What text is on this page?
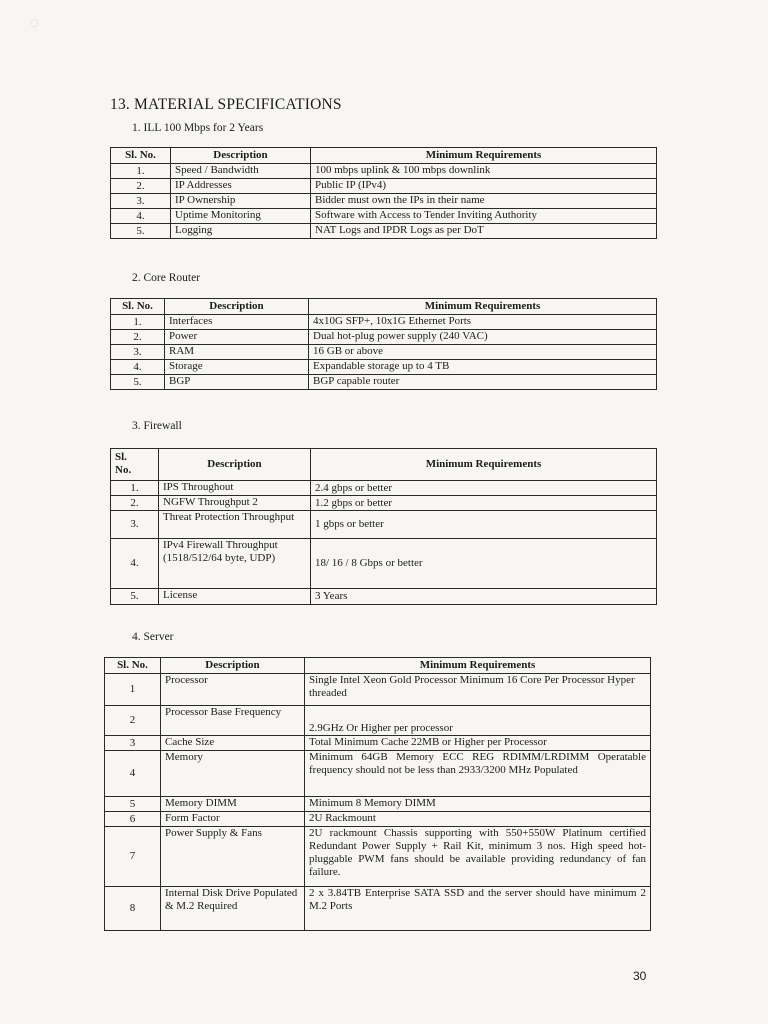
◌
13. MATERIAL SPECIFICATIONS
1. ILL 100 Mbps for 2 Years
Sl. No.	Description	Minimum Requirements
1.	Speed / Bandwidth	100 mbps uplink & 100 mbps downlink
2.	IP Addresses	Public IP (IPv4)
3.	IP Ownership	Bidder must own the IPs in their name
4.	Uptime Monitoring	Software with Access to Tender Inviting Authority
5.	Logging	NAT Logs and IPDR Logs as per DoT
2. Core Router
Sl. No.	Description	Minimum Requirements
1.	Interfaces	4x10G SFP+, 10x1G Ethernet Ports
2.	Power	Dual hot-plug power supply (240 VAC)
3.	RAM	16 GB or above
4.	Storage	Expandable storage up to 4 TB
5.	BGP	BGP capable router
3. Firewall
Sl.
No.	Description	Minimum Requirements
1.	IPS Throughout	2.4 gbps or better
2.	NGFW Throughput 2	1.2 gbps or better
3.	Threat Protection Throughput	1 gbps or better
4.	IPv4 Firewall Throughput (1518/512/64 byte, UDP)	18/ 16 / 8 Gbps or better
5.	License	3 Years
4. Server
Sl. No.	Description	Minimum Requirements
1	Processor	Single Intel Xeon Gold Processor Minimum 16 Core Per Processor Hyper threaded
2	Processor Base Frequency	2.9GHz Or Higher per processor
3	Cache Size	Total Minimum Cache 22MB or Higher per Processor
4	Memory	Minimum 64GB Memory ECC REG RDIMM/LRDIMM Operatable frequency should not be less than 2933/3200 MHz Populated
5	Memory DIMM	Minimum 8 Memory DIMM
6	Form Factor	2U Rackmount
7	Power Supply & Fans	2U rackmount Chassis supporting with 550+550W Platinum certified Redundant Power Supply + Rail Kit, minimum 3 nos. High speed hot-pluggable PWM fans should be available providing redundancy of fan failure.
8	Internal Disk Drive Populated & M.2 Required	2 x 3.84TB Enterprise SATA SSD and the server should have minimum 2 M.2 Ports
30
